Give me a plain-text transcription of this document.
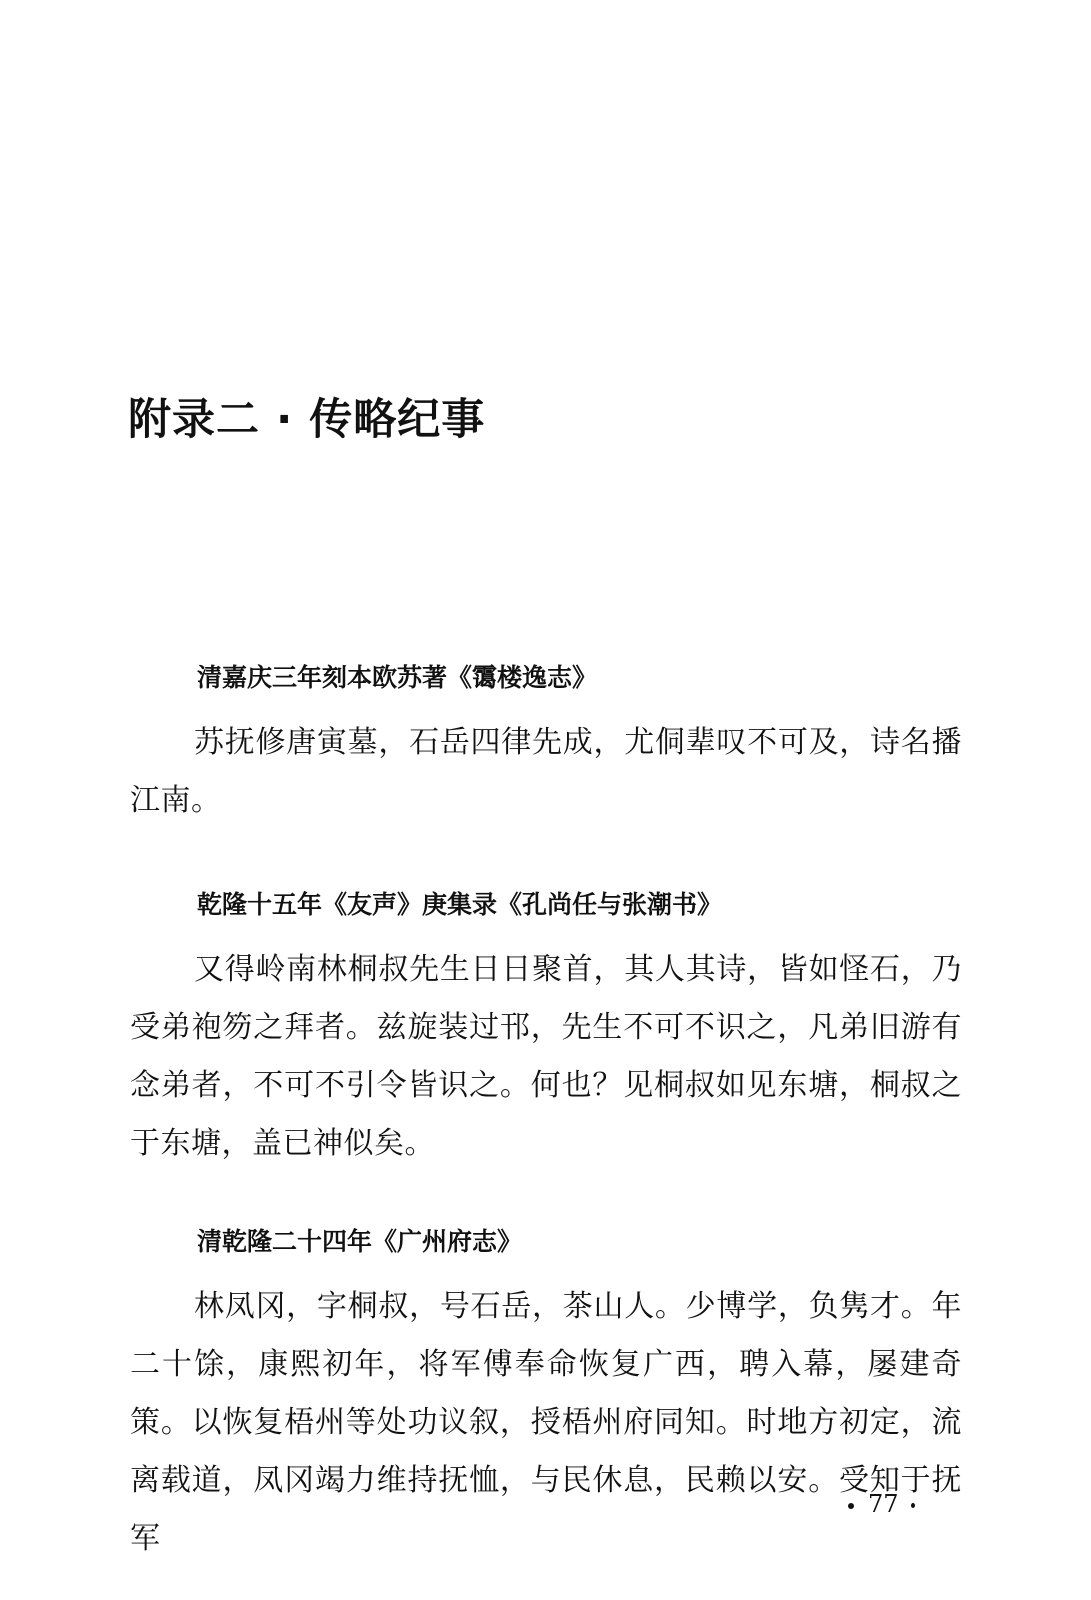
附录二 · 传略纪事
清嘉庆三年刻本欧苏著《霭楼逸志》

苏抚修唐寅墓，石岳四律先成，尤侗辈叹不可及，诗名播江南。

乾隆十五年《友声》庚集录《孔尚任与张潮书》

又得岭南林桐叔先生日日聚首，其人其诗，皆如怪石，乃受弟袍笏之拜者。兹旋装过邗，先生不可不识之，凡弟旧游有念弟者，不可不引令皆识之。何也？见桐叔如见东塘，桐叔之于东塘，盖已神似矣。

清乾隆二十四年《广州府志》

林凤冈，字桐叔，号石岳，茶山人。少博学，负隽才。年二十馀，康熙初年，将军傅奉命恢复广西，聘入幕，屡建奇策。以恢复梧州等处功议叙，授梧州府同知。时地方初定，流离载道，凤冈竭力维持抚恤，与民休息，民赖以安。受知于抚军

77
